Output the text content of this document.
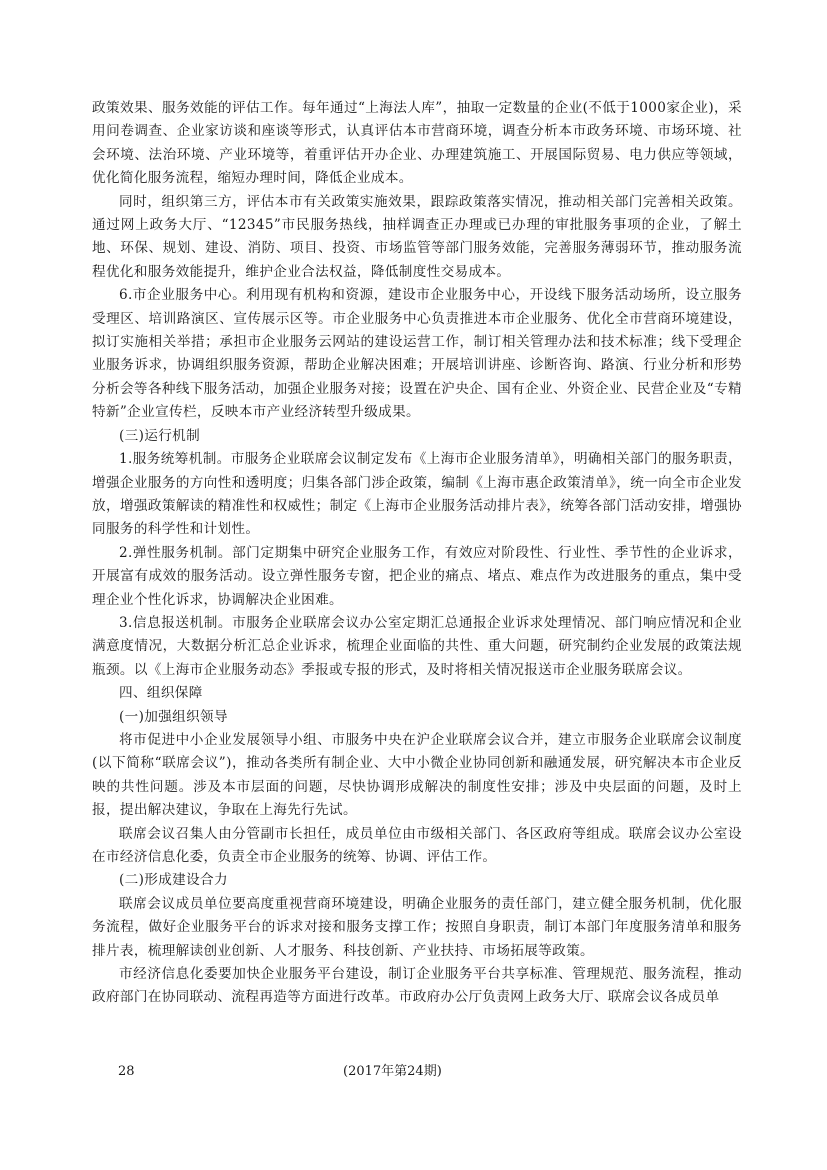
政策效果、服务效能的评估工作。每年通过“上海法人库”，抽取一定数量的企业(不低于1000家企业)，采用问卷调查、企业家访谈和座谈等形式，认真评估本市营商环境，调查分析本市政务环境、市场环境、社会环境、法治环境、产业环境等，着重评估开办企业、办理建筑施工、开展国际贸易、电力供应等领域，优化简化服务流程，缩短办理时间，降低企业成本。

同时，组织第三方，评估本市有关政策实施效果，跟踪政策落实情况，推动相关部门完善相关政策。通过网上政务大厅、“12345”市民服务热线，抽样调查正办理或已办理的审批服务事项的企业，了解土地、环保、规划、建设、消防、项目、投资、市场监管等部门服务效能，完善服务薄弱环节，推动服务流程优化和服务效能提升，维护企业合法权益，降低制度性交易成本。

6.市企业服务中心。利用现有机构和资源，建设市企业服务中心，开设线下服务活动场所，设立服务受理区、培训路演区、宣传展示区等。市企业服务中心负责推进本市企业服务、优化全市营商环境建设，拟订实施相关举措；承担市企业服务云网站的建设运营工作，制订相关管理办法和技术标准；线下受理企业服务诉求，协调组织服务资源，帮助企业解决困难；开展培训讲座、诊断咨询、路演、行业分析和形势分析会等各种线下服务活动，加强企业服务对接；设置在沪央企、国有企业、外资企业、民营企业及“专精特新”企业宣传栏，反映本市产业经济转型升级成果。

(三)运行机制

1.服务统筹机制。市服务企业联席会议制定发布《上海市企业服务清单》，明确相关部门的服务职责，增强企业服务的方向性和透明度；归集各部门涉企政策，编制《上海市惠企政策清单》，统一向全市企业发放，增强政策解读的精准性和权威性；制定《上海市企业服务活动排片表》，统筹各部门活动安排，增强协同服务的科学性和计划性。

2.弹性服务机制。部门定期集中研究企业服务工作，有效应对阶段性、行业性、季节性的企业诉求，开展富有成效的服务活动。设立弹性服务专窗，把企业的痛点、堵点、难点作为改进服务的重点，集中受理企业个性化诉求，协调解决企业困难。

3.信息报送机制。市服务企业联席会议办公室定期汇总通报企业诉求处理情况、部门响应情况和企业满意度情况，大数据分析汇总企业诉求，梳理企业面临的共性、重大问题，研究制约企业发展的政策法规瓶颈。以《上海市企业服务动态》季报或专报的形式，及时将相关情况报送市企业服务联席会议。

四、组织保障

(一)加强组织领导

将市促进中小企业发展领导小组、市服务中央在沪企业联席会议合并，建立市服务企业联席会议制度(以下简称“联席会议”)，推动各类所有制企业、大中小微企业协同创新和融通发展，研究解决本市企业反映的共性问题。涉及本市层面的问题，尽快协调形成解决的制度性安排；涉及中央层面的问题，及时上报，提出解决建议，争取在上海先行先试。

联席会议召集人由分管副市长担任，成员单位由市级相关部门、各区政府等组成。联席会议办公室设在市经济信息化委，负责全市企业服务的统筹、协调、评估工作。

(二)形成建设合力

联席会议成员单位要高度重视营商环境建设，明确企业服务的责任部门，建立健全服务机制，优化服务流程，做好企业服务平台的诉求对接和服务支撑工作；按照自身职责，制订本部门年度服务清单和服务排片表，梳理解读创业创新、人才服务、科技创新、产业扶持、市场拓展等政策。

市经济信息化委要加快企业服务平台建设，制订企业服务平台共享标准、管理规范、服务流程，推动政府部门在协同联动、流程再造等方面进行改革。市政府办公厅负责网上政务大厅、联席会议各成员单

28	(2017年第24期)
